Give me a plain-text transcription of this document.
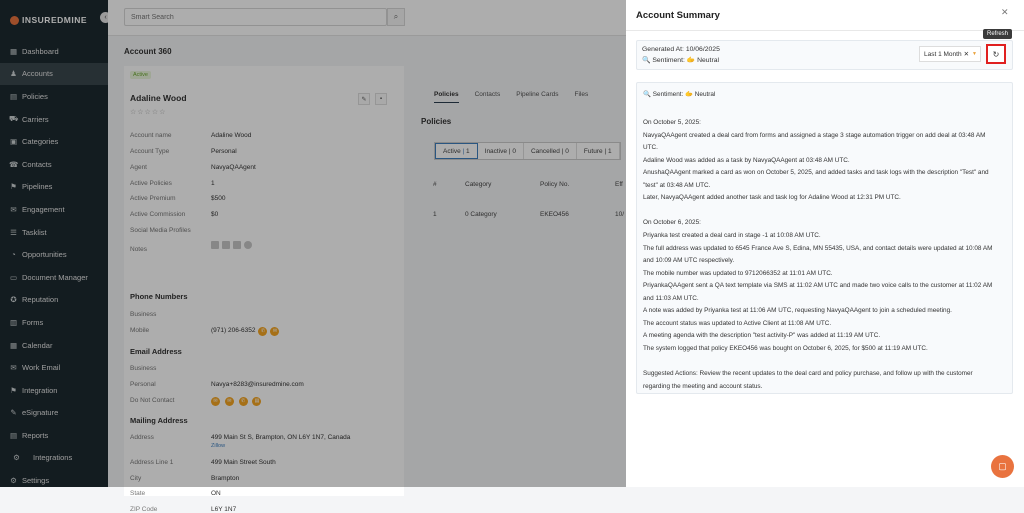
INSUREDMINE	‹
▦ Dashboard
♟ Accounts
▤ Policies
⛟ Carriers
▣ Categories
☎ Contacts
⚑ Pipelines
✉ Engagement
☰ Tasklist
◔ Opportunities
▭ Document Manager
✪ Reputation
▥ Forms
▦ Calendar
✉ Work Email
⚑ Integration
✎ eSignature
▤ Reports
⚙ Integrations
⚙ Settings
Smart Search
⌕
Account 360
Active
Adaline Wood
☆☆☆☆☆
✎	▪
Account name	Adaline Wood
Account Type	Personal
Agent	NavyaQAAgent
Active Policies	1
Active Premium	$500
Active Commission	$0
Social Media Profiles
Notes
Phone Numbers
Business
Mobile	(971) 206-6352	✆	✉
Email Address
Business
Personal	Navya+8283@insuredmine.com
Do Not Contact	✉ ✉ ✆ ▤
Mailing Address
Address	499 Main St S, Brampton, ON L6Y 1N7, Canada
Zillow
Address Line 1	499 Main Street South
City	Brampton
State	ON
ZIP Code	L6Y 1N7
Policies Contacts Pipeline Cards Files
Policies
Active | 1 Inactive | 0 Cancelled | 0 Future | 1
#	Category	Policy No.	Eff
1	0 Category	EKEO456	10/
Account Summary	✕
Generated At: 10/06/2025
🔍 Sentiment: 🫱 Neutral
Last 1 Month ✕ ▼ ↻
Refresh
🔍 Sentiment: 🫱 Neutral
On October 5, 2025:
NavyaQAAgent created a deal card from forms and assigned a stage 3 stage automation trigger on add deal at 03:48 AM
UTC.
Adaline Wood was added as a task by NavyaQAAgent at 03:48 AM UTC.
AnushaQAAgent marked a card as won on October 5, 2025, and added tasks and task logs with the description "Test" and
"test" at 03:48 AM UTC.
Later, NavyaQAAgent added another task and task log for Adaline Wood at 12:31 PM UTC.
On October 6, 2025:
Priyanka test created a deal card in stage -1 at 10:08 AM UTC.
The full address was updated to 6545 France Ave S, Edina, MN 55435, USA, and contact details were updated at 10:08 AM
and 10:09 AM UTC respectively.
The mobile number was updated to 9712066352 at 11:01 AM UTC.
PriyankaQAAgent sent a QA text template via SMS at 11:02 AM UTC and made two voice calls to the customer at 11:02 AM
and 11:03 AM UTC.
A note was added by Priyanka test at 11:06 AM UTC, requesting NavyaQAAgent to join a scheduled meeting.
The account status was updated to Active Client at 11:08 AM UTC.
A meeting agenda with the description "test activity-P" was added at 11:19 AM UTC.
The system logged that policy EKEO456 was bought on October 6, 2025, for $500 at 11:19 AM UTC.
Suggested Actions: Review the recent updates to the deal card and policy purchase, and follow up with the customer
regarding the meeting and account status.
▢
